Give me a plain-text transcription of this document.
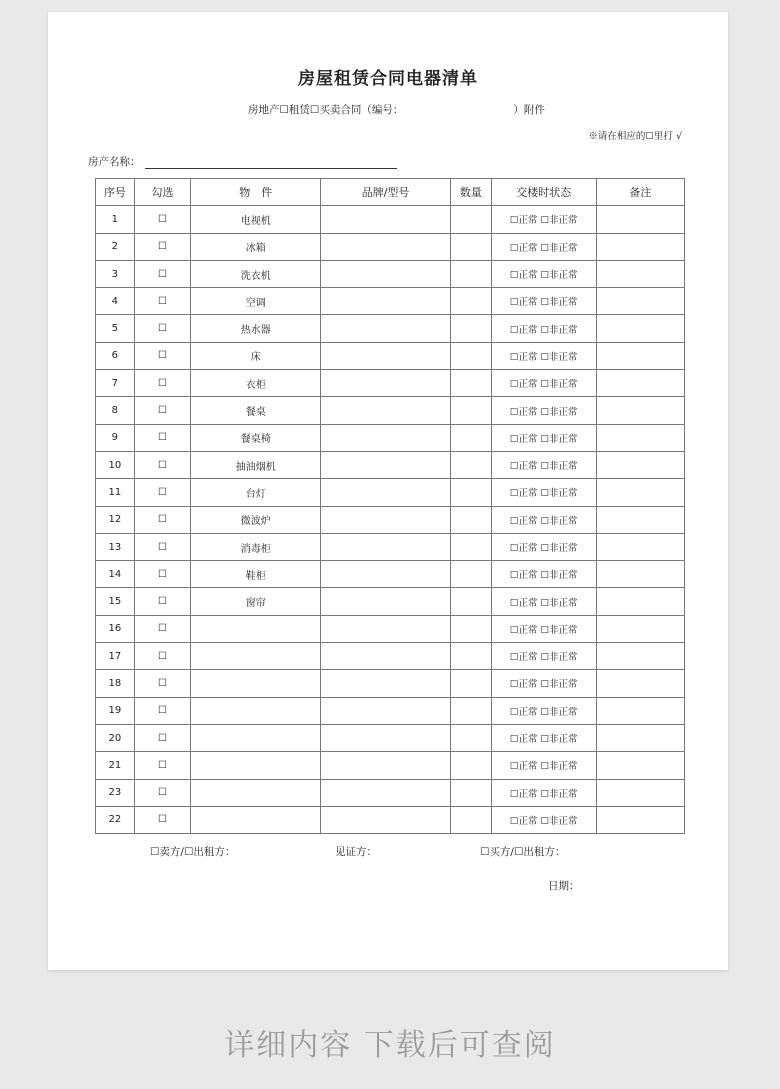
房屋租赁合同电器清单
房地产☐租赁☐买卖合同（编号：	）附件
※请在相应的☐里打 √
房产名称：
序号	勾选	物　件	品牌/型号	数量	交楼时状态	备注
1	☐	电视机			☐正常 ☐非正常	
2	☐	冰箱			☐正常 ☐非正常	
3	☐	洗衣机			☐正常 ☐非正常	
4	☐	空调			☐正常 ☐非正常	
5	☐	热水器			☐正常 ☐非正常	
6	☐	床			☐正常 ☐非正常	
7	☐	衣柜			☐正常 ☐非正常	
8	☐	餐桌			☐正常 ☐非正常	
9	☐	餐桌椅			☐正常 ☐非正常	
10	☐	抽油烟机			☐正常 ☐非正常	
11	☐	台灯			☐正常 ☐非正常	
12	☐	微波炉			☐正常 ☐非正常	
13	☐	消毒柜			☐正常 ☐非正常	
14	☐	鞋柜			☐正常 ☐非正常	
15	☐	窗帘			☐正常 ☐非正常	
16	☐				☐正常 ☐非正常	
17	☐				☐正常 ☐非正常	
18	☐				☐正常 ☐非正常	
19	☐				☐正常 ☐非正常	
20	☐				☐正常 ☐非正常	
21	☐				☐正常 ☐非正常	
23	☐				☐正常 ☐非正常	
22	☐				☐正常 ☐非正常	
☐卖方/☐出租方：	见证方：	☐买方/☐出租方：
日期：
详细内容 下载后可查阅
